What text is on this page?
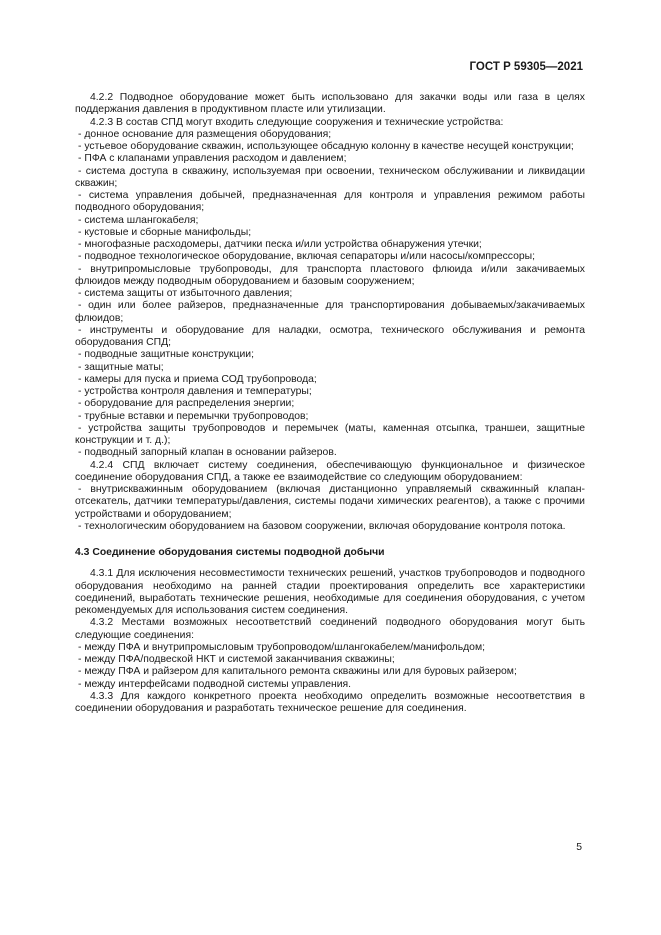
ГОСТ Р 59305—2021
4.2.2 Подводное оборудование может быть использовано для закачки воды или газа в целях поддержания давления в продуктивном пласте или утилизации.
4.2.3 В состав СПД могут входить следующие сооружения и технические устройства:
- донное основание для размещения оборудования;
- устьевое оборудование скважин, использующее обсадную колонну в качестве несущей конструкции;
- ПФА с клапанами управления расходом и давлением;
- система доступа в скважину, используемая при освоении, техническом обслуживании и ликвидации скважин;
- система управления добычей, предназначенная для контроля и управления режимом работы подводного оборудования;
- система шлангокабеля;
- кустовые и сборные манифольды;
- многофазные расходомеры, датчики песка и/или устройства обнаружения утечки;
- подводное технологическое оборудование, включая сепараторы и/или насосы/компрессоры;
- внутрипромысловые трубопроводы, для транспорта пластового флюида и/или закачиваемых флюидов между подводным оборудованием и базовым сооружением;
- система защиты от избыточного давления;
- один или более райзеров, предназначенные для транспортирования добываемых/закачиваемых флюидов;
- инструменты и оборудование для наладки, осмотра, технического обслуживания и ремонта оборудования СПД;
- подводные защитные конструкции;
- защитные маты;
- камеры для пуска и приема СОД трубопровода;
- устройства контроля давления и температуры;
- оборудование для распределения энергии;
- трубные вставки и перемычки трубопроводов;
- устройства защиты трубопроводов и перемычек (маты, каменная отсыпка, траншеи, защитные конструкции и т. д.);
- подводный запорный клапан в основании райзеров.
4.2.4 СПД включает систему соединения, обеспечивающую функциональное и физическое соединение оборудования СПД, а также ее взаимодействие со следующим оборудованием:
- внутрискважинным оборудованием (включая дистанционно управляемый скважинный клапан-отсекатель, датчики температуры/давления, системы подачи химических реагентов), а также с прочими устройствами и оборудованием;
- технологическим оборудованием на базовом сооружении, включая оборудование контроля потока.
4.3 Соединение оборудования системы подводной добычи
4.3.1 Для исключения несовместимости технических решений, участков трубопроводов и подводного оборудования необходимо на ранней стадии проектирования определить все характеристики соединений, выработать технические решения, необходимые для соединения оборудования, с учетом рекомендуемых для использования систем соединения.
4.3.2 Местами возможных несоответствий соединений подводного оборудования могут быть следующие соединения:
- между ПФА и внутрипромысловым трубопроводом/шлангокабелем/манифольдом;
- между ПФА/подвеской НКТ и системой заканчивания скважины;
- между ПФА и райзером для капитального ремонта скважины или для буровых райзером;
- между интерфейсами подводной системы управления.
4.3.3 Для каждого конкретного проекта необходимо определить возможные несоответствия в соединении оборудования и разработать техническое решение для соединения.
5
